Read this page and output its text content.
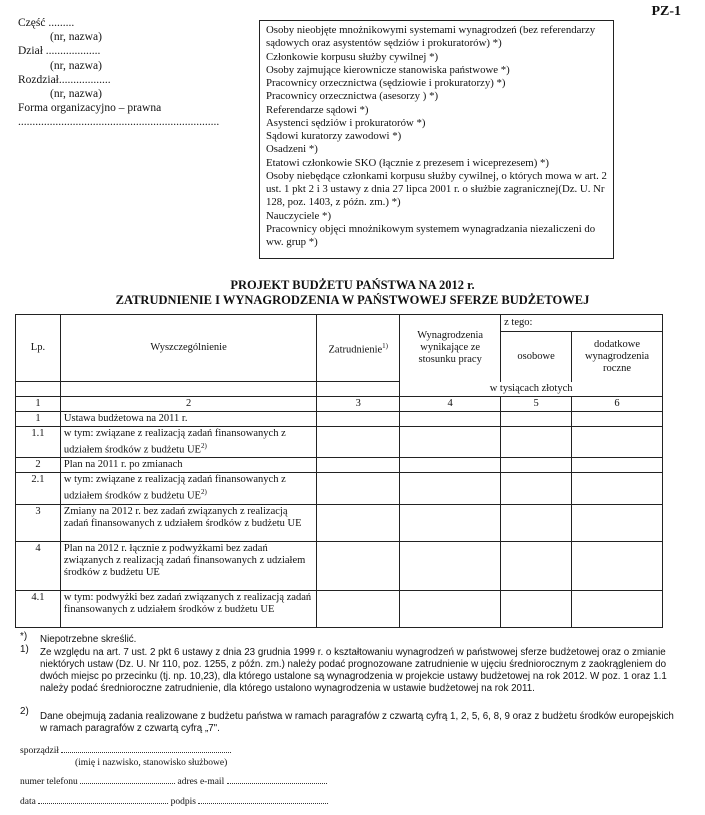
PZ-1
Część .........
(nr, nazwa)
Dział ...................
(nr, nazwa)
Rozdział..................
(nr, nazwa)
Forma organizacyjno – prawna
......................................................................
Osoby nieobjęte mnożnikowymi systemami wynagrodzeń (bez referendarzy sądowych oraz asystentów sędziów i prokuratorów) *)
Członkowie korpusu służby cywilnej *)
Osoby zajmujące kierownicze stanowiska państwowe *)
Pracownicy orzecznictwa (sędziowie i prokuratorzy) *)
Pracownicy orzecznictwa (asesorzy ) *)
Referendarze sądowi *)
Asystenci sędziów i prokuratorów *)
Sądowi kuratorzy zawodowi *)
Osadzeni *)
Etatowi członkowie SKO (łącznie z prezesem i wiceprezesem) *)
Osoby niebędące członkami korpusu służby cywilnej, o których mowa w art. 2 ust. 1 pkt 2 i 3 ustawy z dnia 27 lipca 2001 r. o służbie zagranicznej(Dz. U. Nr 128, poz. 1403, z późn. zm.) *)
Nauczyciele *)
Pracownicy objęci mnożnikowym systemem wynagradzania niezaliczeni do ww. grup *)
PROJEKT BUDŻETU PAŃSTWA NA 2012 r.
ZATRUDNIENIE I WYNAGRODZENIA W PAŃSTWOWEJ SFERZE BUDŻETOWEJ
Lp.	Wyszczególnienie	Zatrudnienie$^{1)}$	Wynagrodzenia wynikające ze stosunku pracy	z tego:	
				osobowe	dodatkowe wynagrodzenia roczne
			w tysiącach złotych		
1	2	3	4	5	6
1	Ustawa budżetowa na 2011 r.				
1.1	w tym: związane z realizacją zadań finansowanych z udziałem środków z budżetu UE$^{2)}$				
2	Plan na 2011 r. po zmianach				
2.1	w tym: związane z realizacją zadań finansowanych z udziałem środków z budżetu UE$^{2)}$				
3	Zmiany na 2012 r. bez zadań związanych z realizacją zadań finansowanych z udziałem środków z budżetu UE				
4	Plan na 2012 r. łącznie z podwyżkami bez zadań związanych z realizacją zadań finansowanych z udziałem środków z budżetu UE				
4.1	w tym: podwyżki bez zadań związanych z realizacją zadań finansowanych z udziałem środków z budżetu UE				
*) Niepotrzebne skreślić.
1) Ze względu na art. 7 ust. 2 pkt 6 ustawy z dnia 23 grudnia 1999 r. o kształtowaniu wynagrodzeń w państwowej sferze budżetowej oraz o zmianie niektórych ustaw (Dz. U. Nr 110, poz. 1255, z późn. zm.) należy podać prognozowane zatrudnienie w ujęciu średniorocznym z zaokrągleniem do dwóch miejsc po przecinku (tj. np. 10,23), dla którego ustalone są wynagrodzenia w projekcie ustawy budżetowej na rok 2012. W poz. 1 oraz 1.1 należy podać średnioroczne zatrudnienie, dla którego ustalono wynagrodzenia w ustawie budżetowej na rok 2011.
2) Dane obejmują zadania realizowane z budżetu państwa w ramach paragrafów z czwartą cyfrą 1, 2, 5, 6, 8, 9 oraz z budżetu środków europejskich w ramach paragrafów z czwartą cyfrą „7".
sporządził
(imię i nazwisko, stanowisko służbowe)
numer telefonu	adres e-mail
data	podpis
